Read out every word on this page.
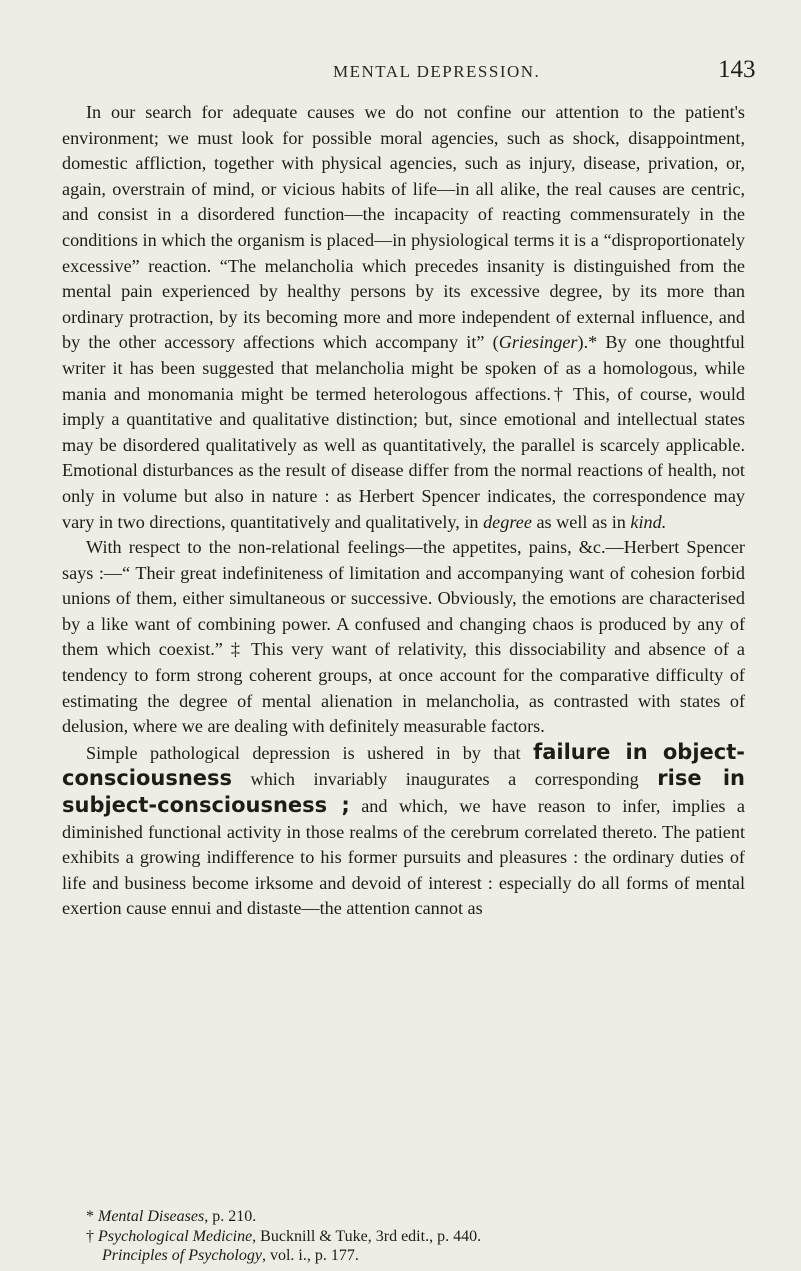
MENTAL DEPRESSION.	143

In our search for adequate causes we do not confine our attention to the patient's environment; we must look for possible moral agencies, such as shock, disappointment, domestic affliction, together with physical agencies, such as injury, disease, privation, or, again, overstrain of mind, or vicious habits of life—in all alike, the real causes are centric, and consist in a disordered function—the incapacity of reacting commensurately in the conditions in which the organism is placed—in physiological terms it is a “disproportionately excessive” reaction. “The melancholia which precedes insanity is distinguished from the mental pain experienced by healthy persons by its excessive degree, by its more than ordinary protraction, by its becoming more and more independent of external influence, and by the other accessory affections which accompany it” (Griesinger).* By one thoughtful writer it has been suggested that melancholia might be spoken of as a homologous, while mania and monomania might be termed heterologous affections.† This, of course, would imply a quantitative and qualitative distinction; but, since emotional and intellectual states may be disordered qualitatively as well as quantitatively, the parallel is scarcely applicable. Emotional disturbances as the result of disease differ from the normal reactions of health, not only in volume but also in nature : as Herbert Spencer indicates, the correspondence may vary in two directions, quantitatively and qualitatively, in degree as well as in kind.

With respect to the non-relational feelings—the appetites, pains, &c.—Herbert Spencer says :—“ Their great indefiniteness of limitation and accompanying want of cohesion forbid unions of them, either simultaneous or successive. Obviously, the emotions are characterised by a like want of combining power. A confused and changing chaos is produced by any of them which coexist.” ‡ This very want of relativity, this dissociability and absence of a tendency to form strong coherent groups, at once account for the comparative difficulty of estimating the degree of mental alienation in melancholia, as contrasted with states of delusion, where we are dealing with definitely measurable factors.

Simple pathological depression is ushered in by that failure in object-consciousness which invariably inaugurates a corresponding rise in subject-consciousness ; and which, we have reason to infer, implies a diminished functional activity in those realms of the cerebrum correlated thereto. The patient exhibits a growing indifference to his former pursuits and pleasures : the ordinary duties of life and business become irksome and devoid of interest : especially do all forms of mental exertion cause ennui and distaste—the attention cannot as

* Mental Diseases, p. 210.

† Psychological Medicine, Bucknill & Tuke, 3rd edit., p. 440.

Principles of Psychology, vol. i., p. 177.
